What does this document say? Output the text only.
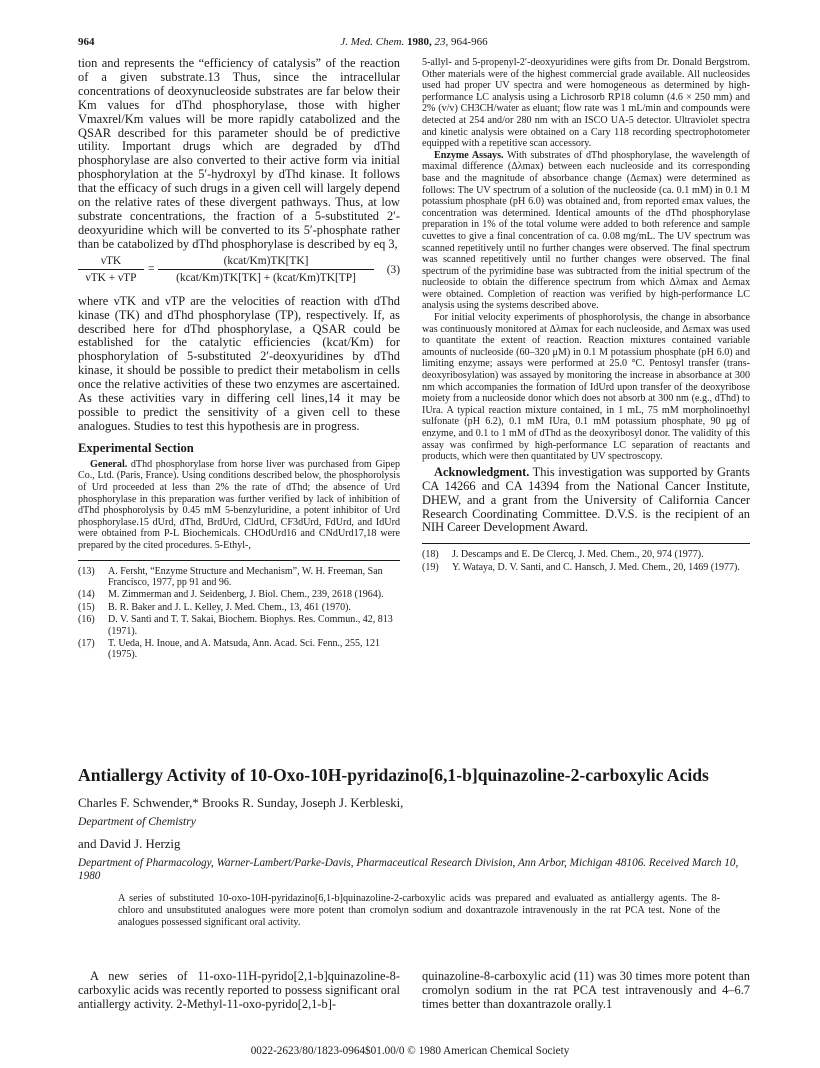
964	J. Med. Chem. 1980, 23, 964-966

tion and represents the “efficiency of catalysis” of the reaction of a given substrate.13 Thus, since the intracellular concentrations of deoxynucleoside substrates are far below their Km values for dThd phosphorylase, those with higher Vmaxrel/Km values will be more rapidly catabolized and the QSAR described for this parameter should be of predictive utility. Important drugs which are degraded by dThd phosphorylase are also converted to their active form via initial phosphorylation at the 5′-hydroxyl by dThd kinase. It follows that the efficacy of such drugs in a given cell will largely depend on the relative rates of these divergent pathways. Thus, at low substrate concentrations, the fraction of a 5-substituted 2′-deoxyuridine which will be converted to its 5′-phosphate rather than be catabolized by dThd phosphorylase is described by eq 3,

νTK
νTK + νTP
=
(kcat/Km)TK[TK]
(kcat/Km)TK[TK] + (kcat/Km)TK[TP]
(3)

where νTK and νTP are the velocities of reaction with dThd kinase (TK) and dThd phosphorylase (TP), respectively. If, as described here for dThd phosphorylase, a QSAR could be established for the catalytic efficiencies (kcat/Km) for phosphorylation of 5-substituted 2′-deoxyuridines by dThd kinase, it should be possible to predict their metabolism in cells once the relative activities of these two enzymes are ascertained. As these activities vary in differing cell lines,14 it may be possible to predict the sensitivity of a given cell to these analogues. Studies to test this hypothesis are in progress.

Experimental Section

General. dThd phosphorylase from horse liver was purchased from Gipep Co., Ltd. (Paris, France). Using conditions described below, the phosphorolysis of Urd proceeded at less than 2% the rate of dThd; the absence of Urd phosphorylase in this preparation was further verified by lack of inhibition of dThd phosphorolysis by 0.45 mM 5-benzyluridine, a potent inhibitor of Urd phosphorylase.15 dUrd, dThd, BrdUrd, CldUrd, CF3dUrd, FdUrd, and IdUrd were obtained from P-L Biochemicals. CHOdUrd16 and CNdUrd17,18 were prepared by the cited procedures. 5-Ethyl-,

(13) A. Fersht, “Enzyme Structure and Mechanism”, W. H. Freeman, San Francisco, 1977, pp 91 and 96.
(14) M. Zimmerman and J. Seidenberg, J. Biol. Chem., 239, 2618 (1964).
(15) B. R. Baker and J. L. Kelley, J. Med. Chem., 13, 461 (1970).
(16) D. V. Santi and T. T. Sakai, Biochem. Biophys. Res. Commun., 42, 813 (1971).
(17) T. Ueda, H. Inoue, and A. Matsuda, Ann. Acad. Sci. Fenn., 255, 121 (1975).

5-allyl- and 5-propenyl-2′-deoxyuridines were gifts from Dr. Donald Bergstrom. Other materials were of the highest commercial grade available. All nucleosides used had proper UV spectra and were homogeneous as determined by high-performance LC analysis using a Lichrosorb RP18 column (4.6 × 250 mm) and 2% (v/v) CH3CH/water as eluant; flow rate was 1 mL/min and compounds were detected at 254 and/or 280 nm with an ISCO UA-5 detector. Ultraviolet spectra and kinetic analysis were obtained on a Cary 118 recording spectrophotometer equipped with a repetitive scan accessory.

Enzyme Assays. With substrates of dThd phosphorylase, the wavelength of maximal difference (Δλmax) between each nucleoside and its corresponding base and the magnitude of absorbance change (Δεmax) were determined as follows: The UV spectrum of a solution of the nucleoside (ca. 0.1 mM) in 0.1 M potassium phosphate (pH 6.0) was obtained and, from reported εmax values, the concentration was determined. Identical amounts of the dThd phosphorylase preparation in 1% of the total volume were added to both reference and sample cuvettes to give a final concentration of ca. 0.08 mg/mL. The UV spectrum was scanned repetitively until no further changes were observed. The final spectrum was scanned repetitively until no further changes were observed. The final spectrum of the pyrimidine base was subtracted from the initial spectrum of the nucleoside to obtain the difference spectrum from which Δλmax and Δεmax were obtained. Completion of reaction was verified by high-performance LC analysis using the systems described above.

For initial velocity experiments of phosphorolysis, the change in absorbance was continuously monitored at Δλmax for each nucleoside, and Δεmax was used to quantitate the extent of reaction. Reaction mixtures contained variable amounts of nucleoside (60–320 μM) in 0.1 M potassium phosphate (pH 6.0) and limiting enzyme; assays were performed at 25.0 °C. Pentosyl transfer (trans-deoxyribosylation) was assayed by monitoring the increase in absorbance at 300 nm which accompanies the formation of IdUrd upon transfer of the deoxyribose moiety from a nucleoside donor which does not absorb at 300 nm (e.g., dThd) to IUra. A typical reaction mixture contained, in 1 mL, 75 mM morpholinoethyl sulfonate (pH 6.2), 0.1 mM IUra, 0.1 mM potassium phosphate, 90 μg of enzyme, and 0.1 to 1 mM of dThd as the deoxyribosyl donor. The validity of this assay was confirmed by high-performance LC separation of reactants and products, which were then quantitated by UV spectroscopy.

Acknowledgment. This investigation was supported by Grants CA 14266 and CA 14394 from the National Cancer Institute, DHEW, and a grant from the University of California Cancer Research Coordinating Committee. D.V.S. is the recipient of an NIH Career Development Award.

(18) J. Descamps and E. De Clercq, J. Med. Chem., 20, 974 (1977).
(19) Y. Wataya, D. V. Santi, and C. Hansch, J. Med. Chem., 20, 1469 (1977).
Antiallergy Activity of 10-Oxo-10H-pyridazino[6,1-b]quinazoline-2-carboxylic Acids

Charles F. Schwender,* Brooks R. Sunday, Joseph J. Kerbleski,

Department of Chemistry

and David J. Herzig

Department of Pharmacology, Warner-Lambert/Parke-Davis, Pharmaceutical Research Division, Ann Arbor, Michigan 48106. Received March 10, 1980

A series of substituted 10-oxo-10H-pyridazino[6,1-b]quinazoline-2-carboxylic acids was prepared and evaluated as antiallergy agents. The 8-chloro and unsubstituted analogues were more potent than cromolyn sodium and doxantrazole intravenously in the rat PCA test. None of the analogues possessed significant oral activity.

A new series of 11-oxo-11H-pyrido[2,1-b]quinazoline-8-carboxylic acids was recently reported to possess significant oral antiallergy activity. 2-Methyl-11-oxo-pyrido[2,1-b]-

quinazoline-8-carboxylic acid (11) was 30 times more potent than cromolyn sodium in the rat PCA test intravenously and 4–6.7 times better than doxantrazole orally.1

0022-2623/80/1823-0964$01.00/0 © 1980 American Chemical Society
